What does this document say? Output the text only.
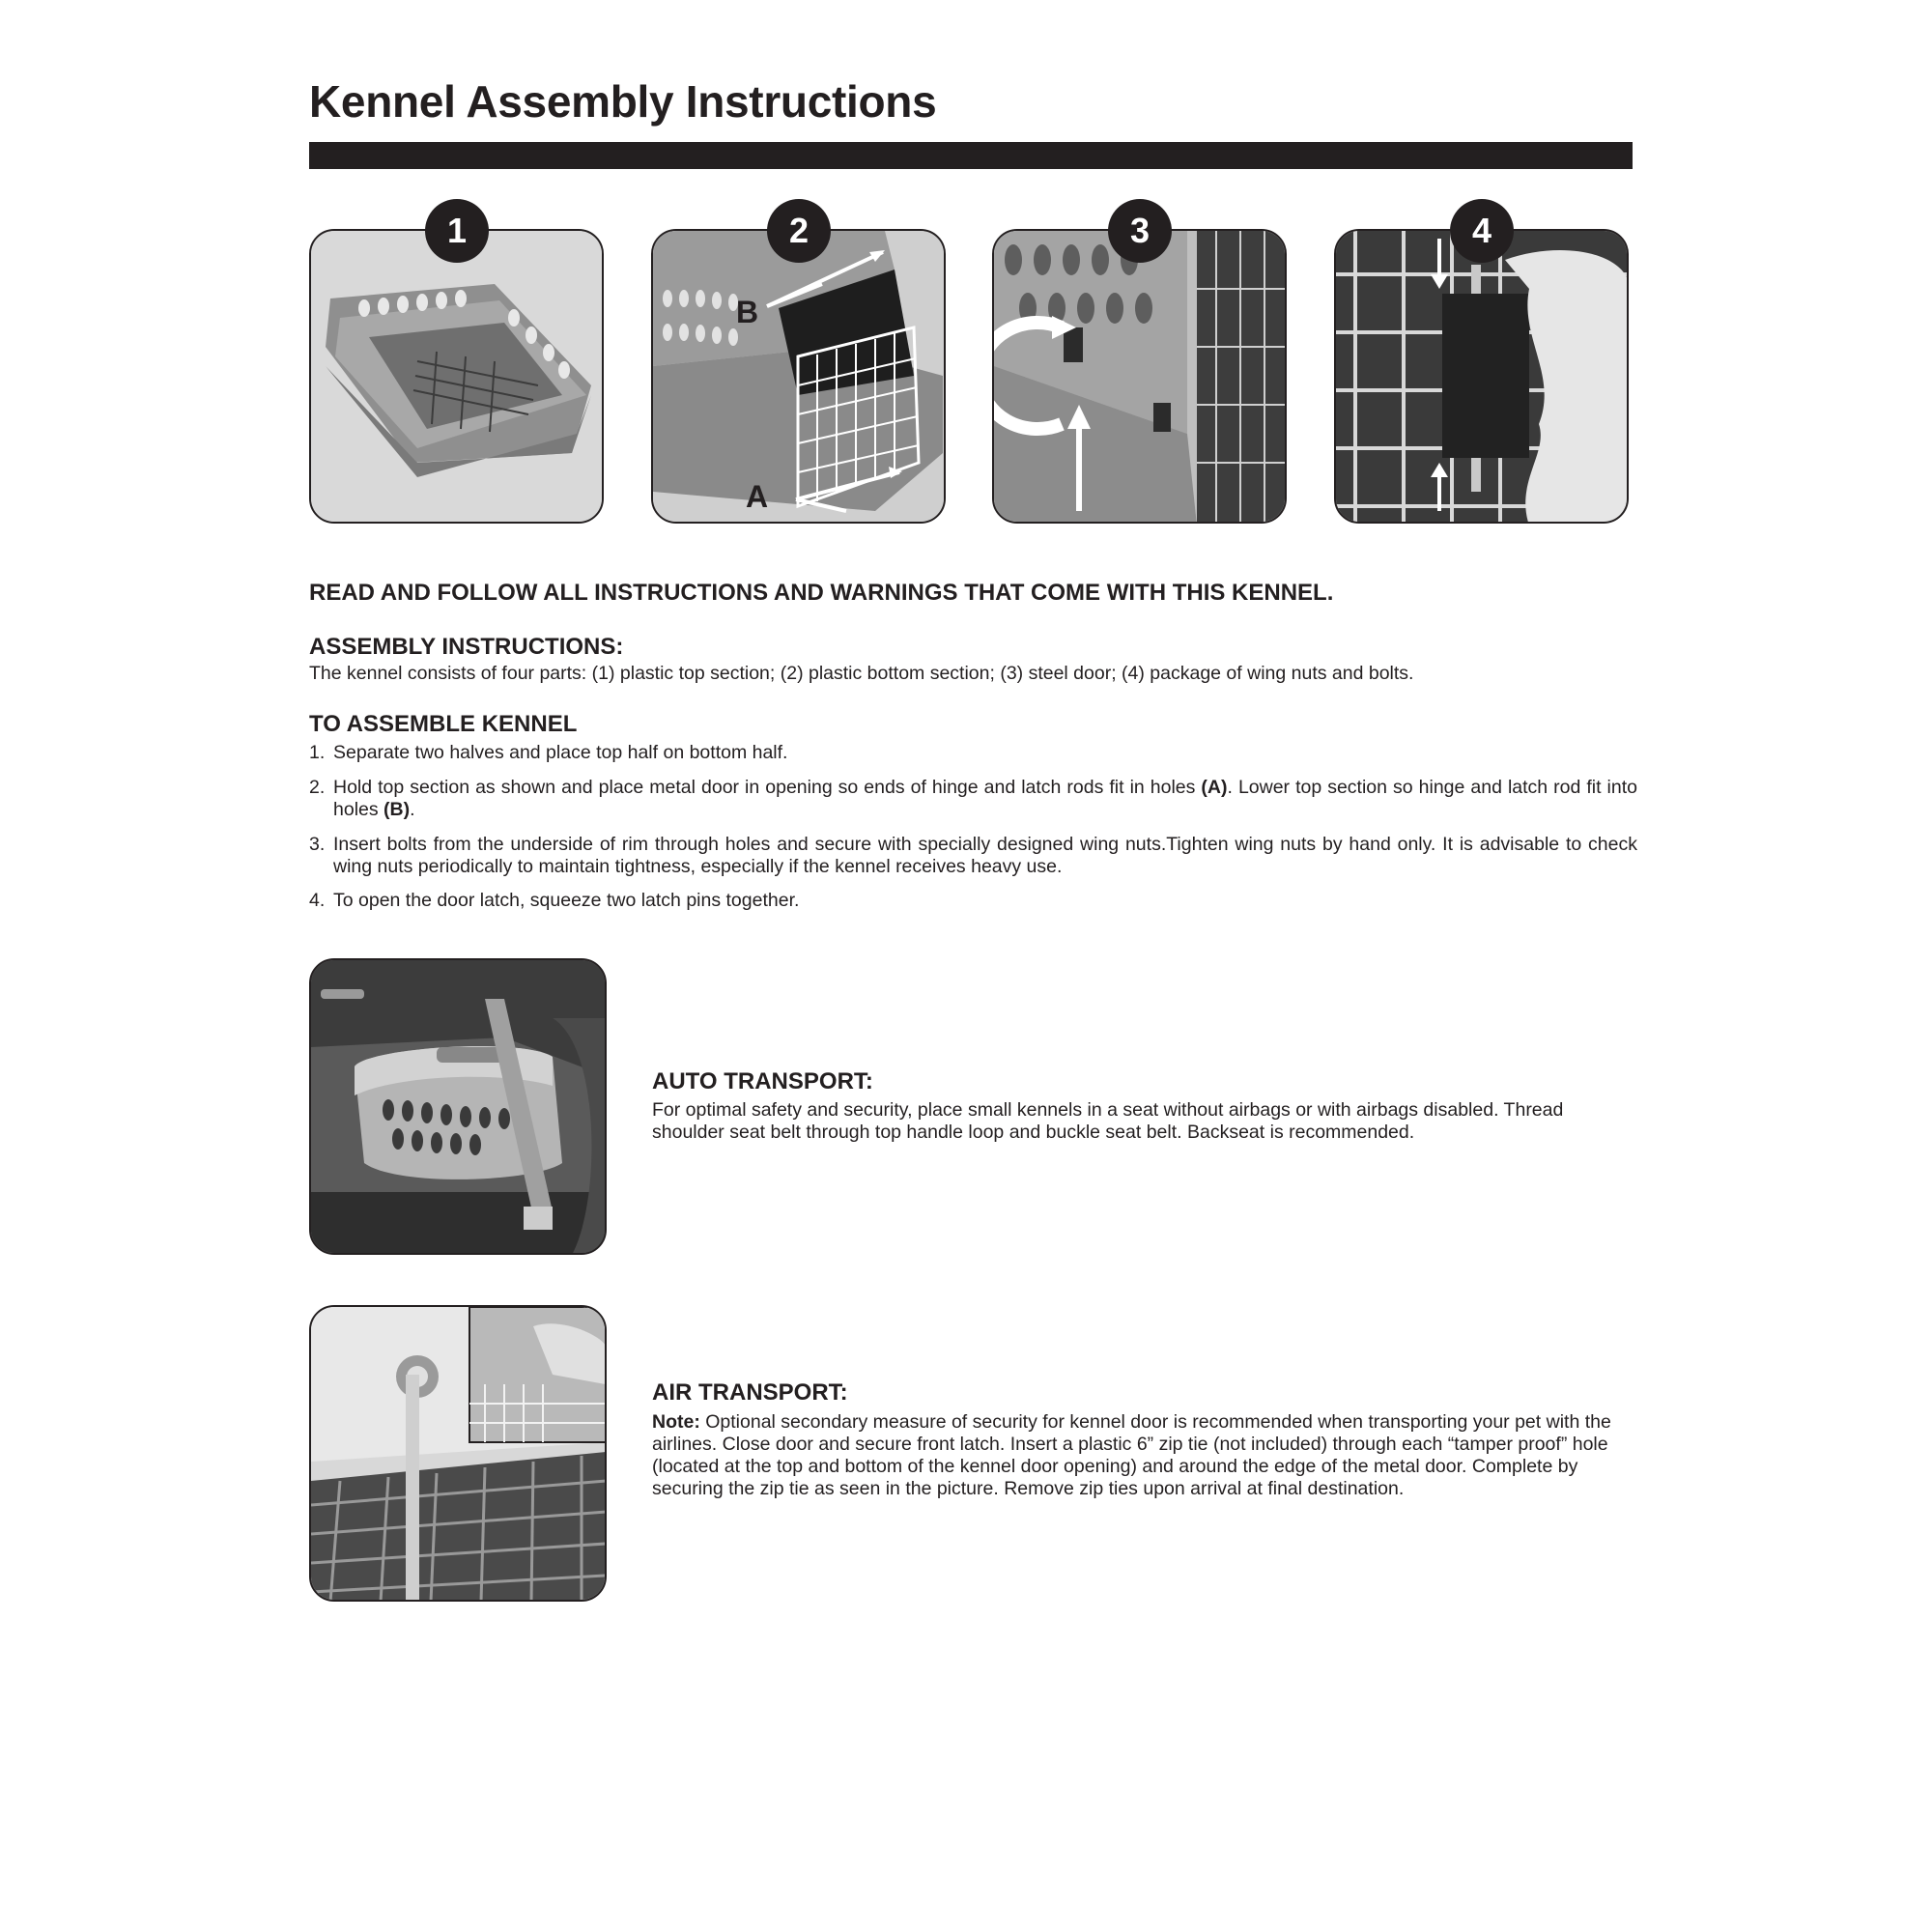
Kennel Assembly Instructions
1
B
A
2	3	4
READ AND FOLLOW ALL INSTRUCTIONS AND WARNINGS THAT COME WITH THIS KENNEL.
ASSEMBLY INSTRUCTIONS:
The kennel consists of four parts: (1) plastic top section; (2) plastic bottom section; (3) steel door; (4) package of wing nuts and bolts.
TO ASSEMBLE KENNEL
1. Separate two halves and place top half on bottom half.
2. Hold top section as shown and place metal door in opening so ends of hinge and latch rods fit in holes (A). Lower top section so hinge and latch rod fit into holes (B).
3. Insert bolts from the underside of rim through holes and secure with specially designed wing nuts.Tighten wing nuts by hand only. It is advisable to check wing nuts periodically to maintain tightness, especially if the kennel receives heavy use.
4. To open the door latch, squeeze two latch pins together.
AUTO TRANSPORT:
For optimal safety and security, place small kennels in a seat without airbags or with airbags disabled. Thread shoulder seat belt through top handle loop and buckle seat belt. Backseat is recommended.
AIR TRANSPORT:
Note: Optional secondary measure of security for kennel door is recommended when transporting your pet with the airlines. Close door and secure front latch. Insert a plastic 6” zip tie (not included) through each “tamper proof” hole (located at the top and bottom of the kennel door opening) and around the edge of the metal door. Complete by securing the zip tie as seen in the picture. Remove zip ties upon arrival at final destination.
